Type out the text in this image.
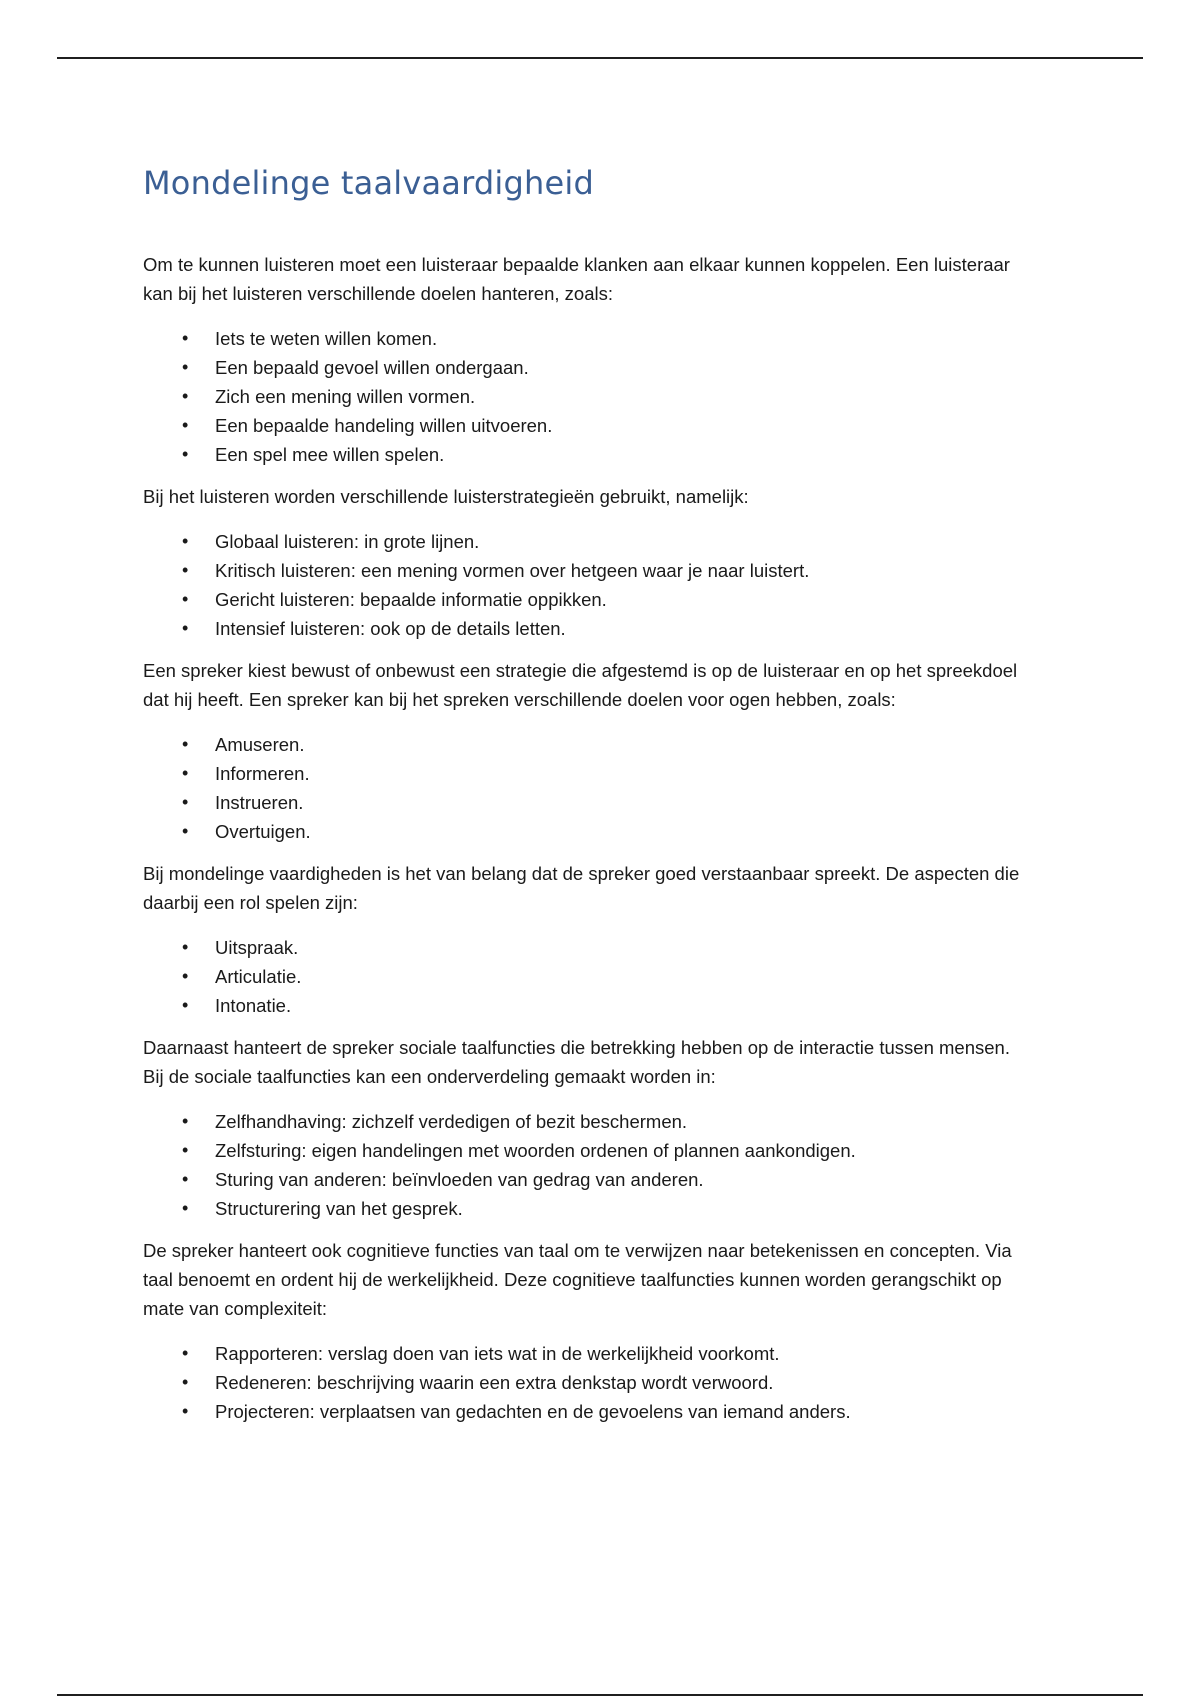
Mondelinge taalvaardigheid

Om te kunnen luisteren moet een luisteraar bepaalde klanken aan elkaar kunnen koppelen. Een luisteraar kan bij het luisteren verschillende doelen hanteren, zoals:

• Iets te weten willen komen.
• Een bepaald gevoel willen ondergaan.
• Zich een mening willen vormen.
• Een bepaalde handeling willen uitvoeren.
• Een spel mee willen spelen.

Bij het luisteren worden verschillende luisterstrategieën gebruikt, namelijk:

• Globaal luisteren: in grote lijnen.
• Kritisch luisteren: een mening vormen over hetgeen waar je naar luistert.
• Gericht luisteren: bepaalde informatie oppikken.
• Intensief luisteren: ook op de details letten.

Een spreker kiest bewust of onbewust een strategie die afgestemd is op de luisteraar en op het spreekdoel dat hij heeft. Een spreker kan bij het spreken verschillende doelen voor ogen hebben, zoals:

• Amuseren.
• Informeren.
• Instrueren.
• Overtuigen.

Bij mondelinge vaardigheden is het van belang dat de spreker goed verstaanbaar spreekt. De aspecten die daarbij een rol spelen zijn:

• Uitspraak.
• Articulatie.
• Intonatie.

Daarnaast hanteert de spreker sociale taalfuncties die betrekking hebben op de interactie tussen mensen. Bij de sociale taalfuncties kan een onderverdeling gemaakt worden in:

• Zelfhandhaving: zichzelf verdedigen of bezit beschermen.
• Zelfsturing: eigen handelingen met woorden ordenen of plannen aankondigen.
• Sturing van anderen: beïnvloeden van gedrag van anderen.
• Structurering van het gesprek.

De spreker hanteert ook cognitieve functies van taal om te verwijzen naar betekenissen en concepten. Via taal benoemt en ordent hij de werkelijkheid. Deze cognitieve taalfuncties kunnen worden gerangschikt op mate van complexiteit:

• Rapporteren: verslag doen van iets wat in de werkelijkheid voorkomt.
• Redeneren: beschrijving waarin een extra denkstap wordt verwoord.
• Projecteren: verplaatsen van gedachten en de gevoelens van iemand anders.
